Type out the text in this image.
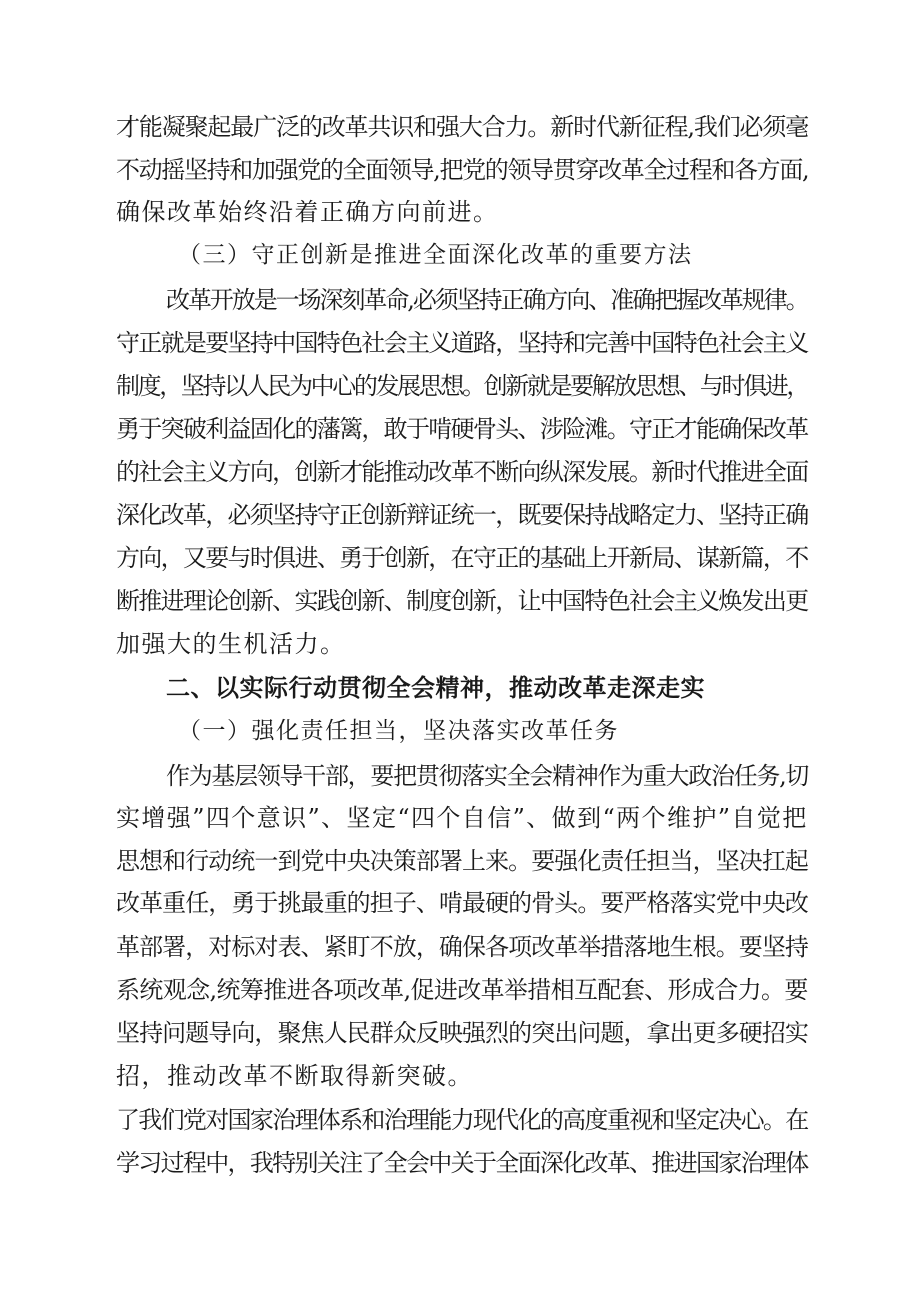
才能凝聚起最广泛的改革共识和强大合力。新时代新征程,我们必须毫
不动摇坚持和加强党的全面领导,把党的领导贯穿改革全过程和各方面,
确保改革始终沿着正确方向前进。
（三）守正创新是推进全面深化改革的重要方法
改革开放是一场深刻革命,必须坚持正确方向、准确把握改革规律。
守正就是要坚持中国特色社会主义道路，坚持和完善中国特色社会主义
制度，坚持以人民为中心的发展思想。创新就是要解放思想、与时俱进，
勇于突破利益固化的藩篱，敢于啃硬骨头、涉险滩。守正才能确保改革
的社会主义方向，创新才能推动改革不断向纵深发展。新时代推进全面
深化改革，必须坚持守正创新辩证统一，既要保持战略定力、坚持正确
方向，又要与时俱进、勇于创新，在守正的基础上开新局、谋新篇，不
断推进理论创新、实践创新、制度创新，让中国特色社会主义焕发出更
加强大的生机活力。
二、以实际行动贯彻全会精神，推动改革走深走实
（一）强化责任担当，坚决落实改革任务
作为基层领导干部，要把贯彻落实全会精神作为重大政治任务,切
实增强”四个意识”、坚定“四个自信”、做到“两个维护”自觉把
思想和行动统一到党中央决策部署上来。要强化责任担当，坚决扛起
改革重任，勇于挑最重的担子、啃最硬的骨头。要严格落实党中央改
革部署，对标对表、紧盯不放，确保各项改革举措落地生根。要坚持
系统观念,统筹推进各项改革,促进改革举措相互配套、形成合力。要
坚持问题导向，聚焦人民群众反映强烈的突出问题，拿出更多硬招实
招，推动改革不断取得新突破。
了我们党对国家治理体系和治理能力现代化的高度重视和坚定决心。在
学习过程中，我特别关注了全会中关于全面深化改革、推进国家治理体
